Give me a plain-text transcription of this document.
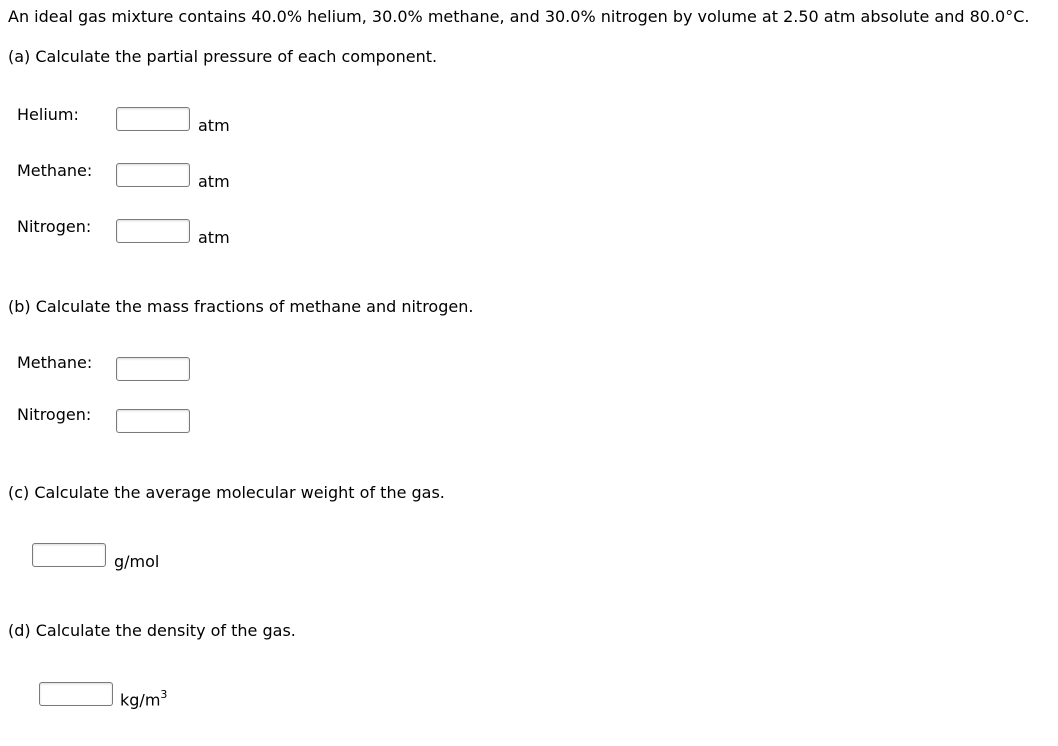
An ideal gas mixture contains 40.0% helium, 30.0% methane, and 30.0% nitrogen by volume at 2.50 atm absolute and 80.0°C.
(a) Calculate the partial pressure of each component.
Helium:
atm
Methane:
atm
Nitrogen:
atm
(b) Calculate the mass fractions of methane and nitrogen.
Methane:
Nitrogen:
(c) Calculate the average molecular weight of the gas.
g/mol
(d) Calculate the density of the gas.
$kg/m^3$
